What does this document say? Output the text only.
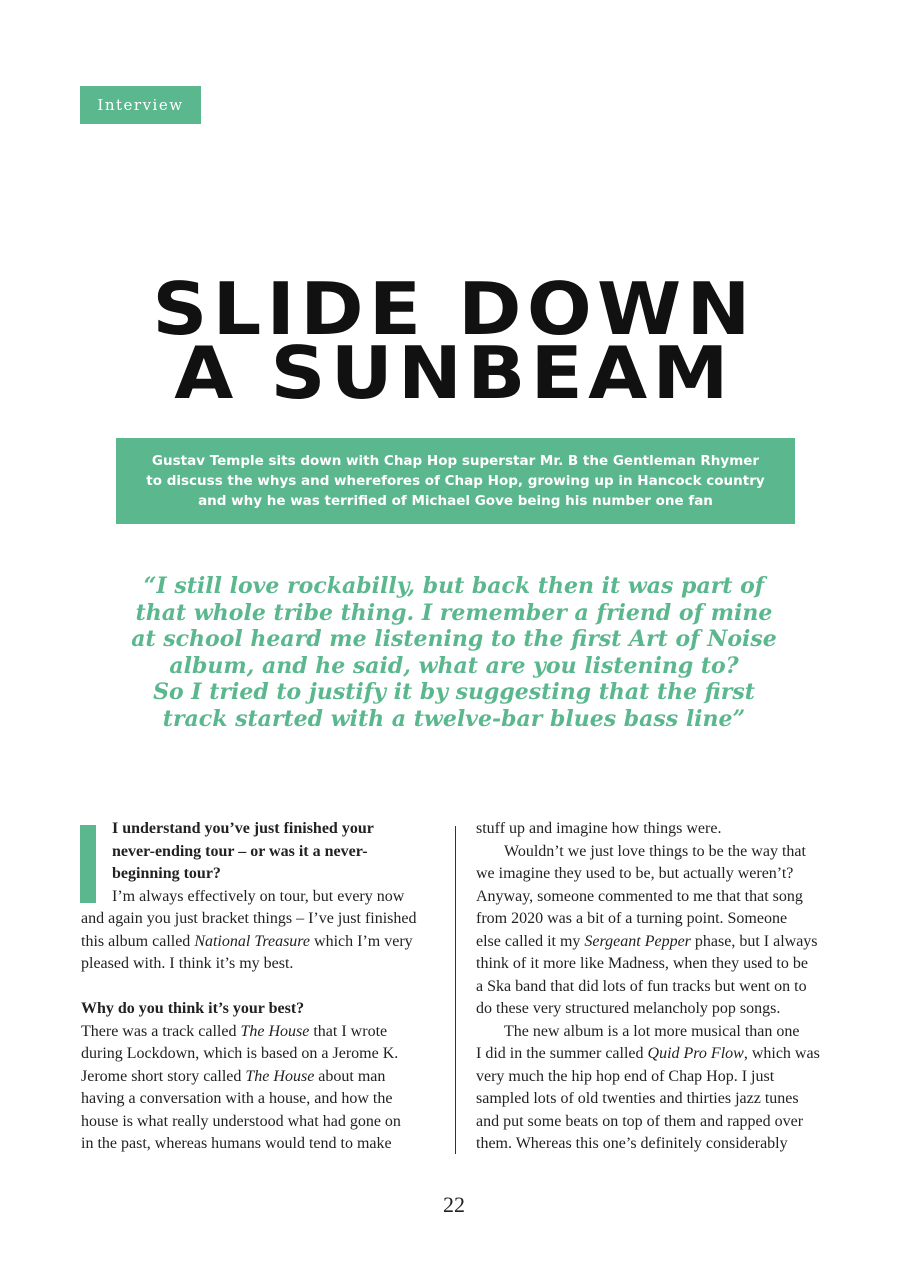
Interview
SLIDE DOWN
A SUNBEAM
Gustav Temple sits down with Chap Hop superstar Mr. B the Gentleman Rhymer
to discuss the whys and wherefores of Chap Hop, growing up in Hancock country
and why he was terrified of Michael Gove being his number one fan
“I still love rockabilly, but back then it was part of
that whole tribe thing. I remember a friend of mine
at school heard me listening to the first Art of Noise
album, and he said, what are you listening to?
So I tried to justify it by suggesting that the first
track started with a twelve-bar blues bass line”
I understand you’ve just finished your
never-ending tour – or was it a never-
beginning tour?
I’m always effectively on tour, but every now
and again you just bracket things – I’ve just finished
this album called National Treasure which I’m very
pleased with. I think it’s my best.
Why do you think it’s your best?
There was a track called The House that I wrote
during Lockdown, which is based on a Jerome K.
Jerome short story called The House about man
having a conversation with a house, and how the
house is what really understood what had gone on
in the past, whereas humans would tend to make
stuff up and imagine how things were.
Wouldn’t we just love things to be the way that
we imagine they used to be, but actually weren’t?
Anyway, someone commented to me that that song
from 2020 was a bit of a turning point. Someone
else called it my Sergeant Pepper phase, but I always
think of it more like Madness, when they used to be
a Ska band that did lots of fun tracks but went on to
do these very structured melancholy pop songs.
The new album is a lot more musical than one
I did in the summer called Quid Pro Flow, which was
very much the hip hop end of Chap Hop. I just
sampled lots of old twenties and thirties jazz tunes
and put some beats on top of them and rapped over
them. Whereas this one’s definitely considerably
22
